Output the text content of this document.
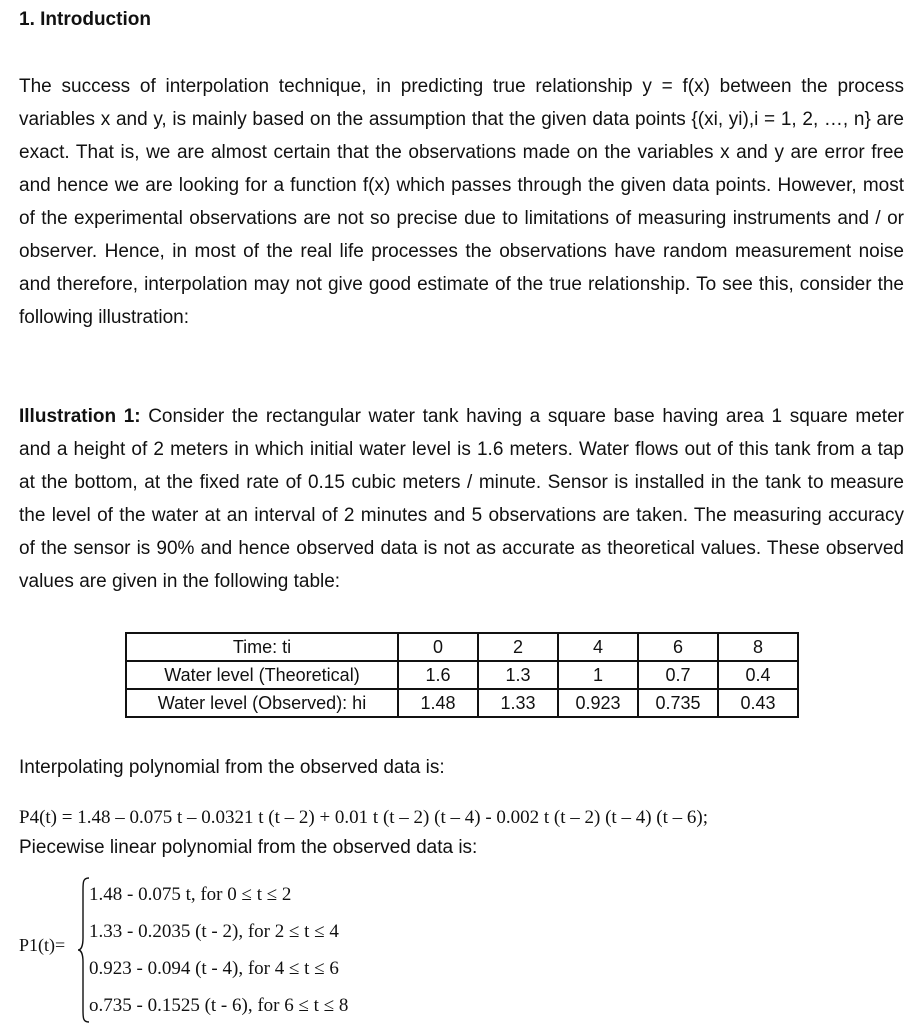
1. Introduction

The success of interpolation technique, in predicting true relationship y = f(x) between the process variables x and y, is mainly based on the assumption that the given data points {(xi, yi),i = 1, 2, …, n} are exact. That is, we are almost certain that the observations made on the variables x and y are error free and hence we are looking for a function f(x) which passes through the given data points. However, most of the experimental observations are not so precise due to limitations of measuring instruments and / or observer. Hence, in most of the real life processes the observations have random measurement noise and therefore, interpolation may not give good estimate of the true relationship. To see this, consider the following illustration:

Illustration 1: Consider the rectangular water tank having a square base having area 1 square meter and a height of 2 meters in which initial water level is 1.6 meters. Water flows out of this tank from a tap at the bottom, at the fixed rate of 0.15 cubic meters / minute. Sensor is installed in the tank to measure the level of the water at an interval of 2 minutes and 5 observations are taken. The measuring accuracy of the sensor is 90% and hence observed data is not as accurate as theoretical values. These observed values are given in the following table:

Time: ti	0	2	4	6	8
Water level (Theoretical)	1.6	1.3	1	0.7	0.4
Water level (Observed): hi	1.48	1.33	0.923	0.735	0.43
Interpolating polynomial from the observed data is:
P4(t) = 1.48 – 0.075 t – 0.0321 t (t – 2) + 0.01 t (t – 2) (t – 4) - 0.002 t (t – 2) (t – 4) (t – 6);
Piecewise linear polynomial from the observed data is:
P1(t)=
1.48 - 0.075 t, for 0 ≤ t ≤ 2
1.33 - 0.2035 (t - 2), for 2 ≤ t ≤ 4
0.923 - 0.094 (t - 4), for 4 ≤ t ≤ 6
o.735 - 0.1525 (t - 6), for 6 ≤ t ≤ 8
